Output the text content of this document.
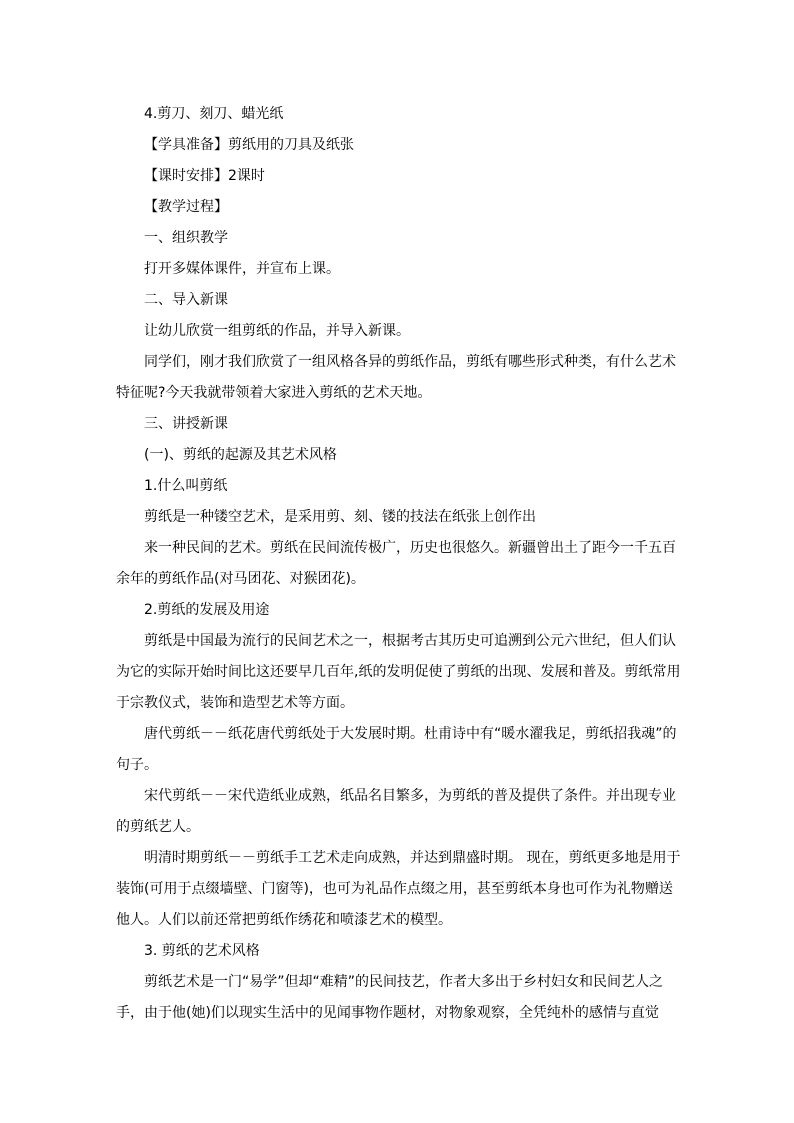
4.剪刀、刻刀、蜡光纸

【学具准备】剪纸用的刀具及纸张

【课时安排】2课时

【教学过程】

一、组织教学

打开多媒体课件，并宣布上课。

二、导入新课

让幼儿欣赏一组剪纸的作品，并导入新课。

同学们，刚才我们欣赏了一组风格各异的剪纸作品，剪纸有哪些形式种类，有什么艺术特征呢?今天我就带领着大家进入剪纸的艺术天地。

三、讲授新课

(一)、剪纸的起源及其艺术风格

1.什么叫剪纸

剪纸是一种镂空艺术，是采用剪、刻、镂的技法在纸张上创作出

来一种民间的艺术。剪纸在民间流传极广，历史也很悠久。新疆曾出土了距今一千五百余年的剪纸作品(对马团花、对猴团花)。

2.剪纸的发展及用途

剪纸是中国最为流行的民间艺术之一，根据考古其历史可追溯到公元六世纪，但人们认为它的实际开始时间比这还要早几百年,纸的发明促使了剪纸的出现、发展和普及。剪纸常用于宗教仪式，装饰和造型艺术等方面。

唐代剪纸－－纸花唐代剪纸处于大发展时期。杜甫诗中有“暖水濯我足，剪纸招我魂”的句子。

宋代剪纸－－宋代造纸业成熟，纸品名目繁多，为剪纸的普及提供了条件。并出现专业的剪纸艺人。

明清时期剪纸－－剪纸手工艺术走向成熟，并达到鼎盛时期。 现在，剪纸更多地是用于装饰(可用于点缀墙壁、门窗等)，也可为礼品作点缀之用，甚至剪纸本身也可作为礼物赠送他人。人们以前还常把剪纸作绣花和喷漆艺术的模型。

3. 剪纸的艺术风格

剪纸艺术是一门“易学”但却“难精”的民间技艺，作者大多出于乡村妇女和民间艺人之手，由于他(她)们以现实生活中的见闻事物作题材，对物象观察，全凭纯朴的感情与直觉
